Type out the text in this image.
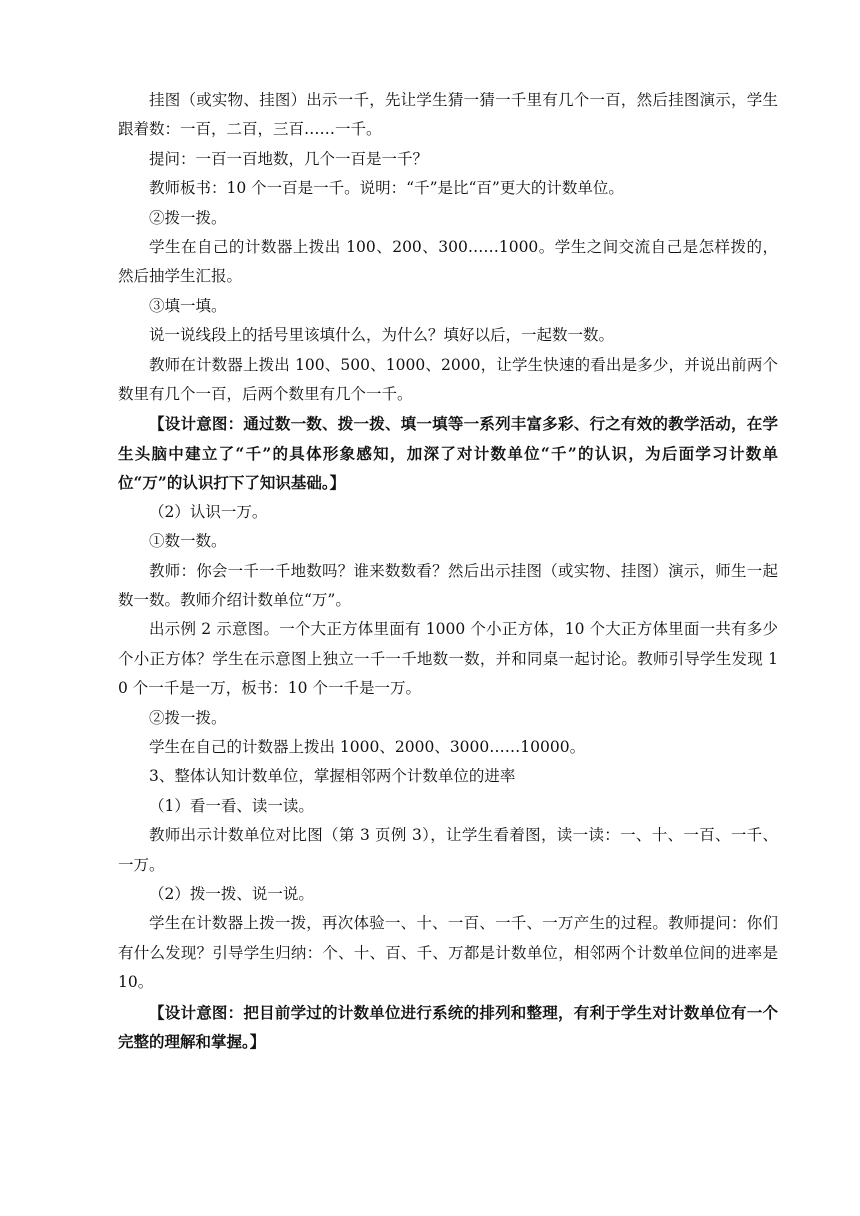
挂图（或实物、挂图）出示一千，先让学生猜一猜一千里有几个一百，然后挂图演示，学生跟着数：一百，二百，三百……一千。

提问：一百一百地数，几个一百是一千？

教师板书：10 个一百是一千。说明：“千”是比“百”更大的计数单位。

②拨一拨。

学生在自己的计数器上拨出 100、200、300……1000。学生之间交流自己是怎样拨的，然后抽学生汇报。

③填一填。

说一说线段上的括号里该填什么，为什么？填好以后，一起数一数。

教师在计数器上拨出 100、500、1000、2000，让学生快速的看出是多少，并说出前两个数里有几个一百，后两个数里有几个一千。

【设计意图：通过数一数、拨一拨、填一填等一系列丰富多彩、行之有效的教学活动，在学生头脑中建立了“千”的具体形象感知，加深了对计数单位“千”的认识，为后面学习计数单位“万”的认识打下了知识基础。】

（2）认识一万。

①数一数。

教师：你会一千一千地数吗？谁来数数看？然后出示挂图（或实物、挂图）演示，师生一起数一数。教师介绍计数单位“万”。

出示例 2 示意图。一个大正方体里面有 1000 个小正方体，10 个大正方体里面一共有多少个小正方体？学生在示意图上独立一千一千地数一数，并和同桌一起讨论。教师引导学生发现 10 个一千是一万，板书：10 个一千是一万。

②拨一拨。

学生在自己的计数器上拨出 1000、2000、3000……10000。

3、整体认知计数单位，掌握相邻两个计数单位的进率

（1）看一看、读一读。

教师出示计数单位对比图（第 3 页例 3），让学生看着图，读一读：一、十、一百、一千、一万。

（2）拨一拨、说一说。

学生在计数器上拨一拨，再次体验一、十、一百、一千、一万产生的过程。教师提问：你们有什么发现？引导学生归纳：个、十、百、千、万都是计数单位，相邻两个计数单位间的进率是 10。

【设计意图：把目前学过的计数单位进行系统的排列和整理，有利于学生对计数单位有一个完整的理解和掌握。】
